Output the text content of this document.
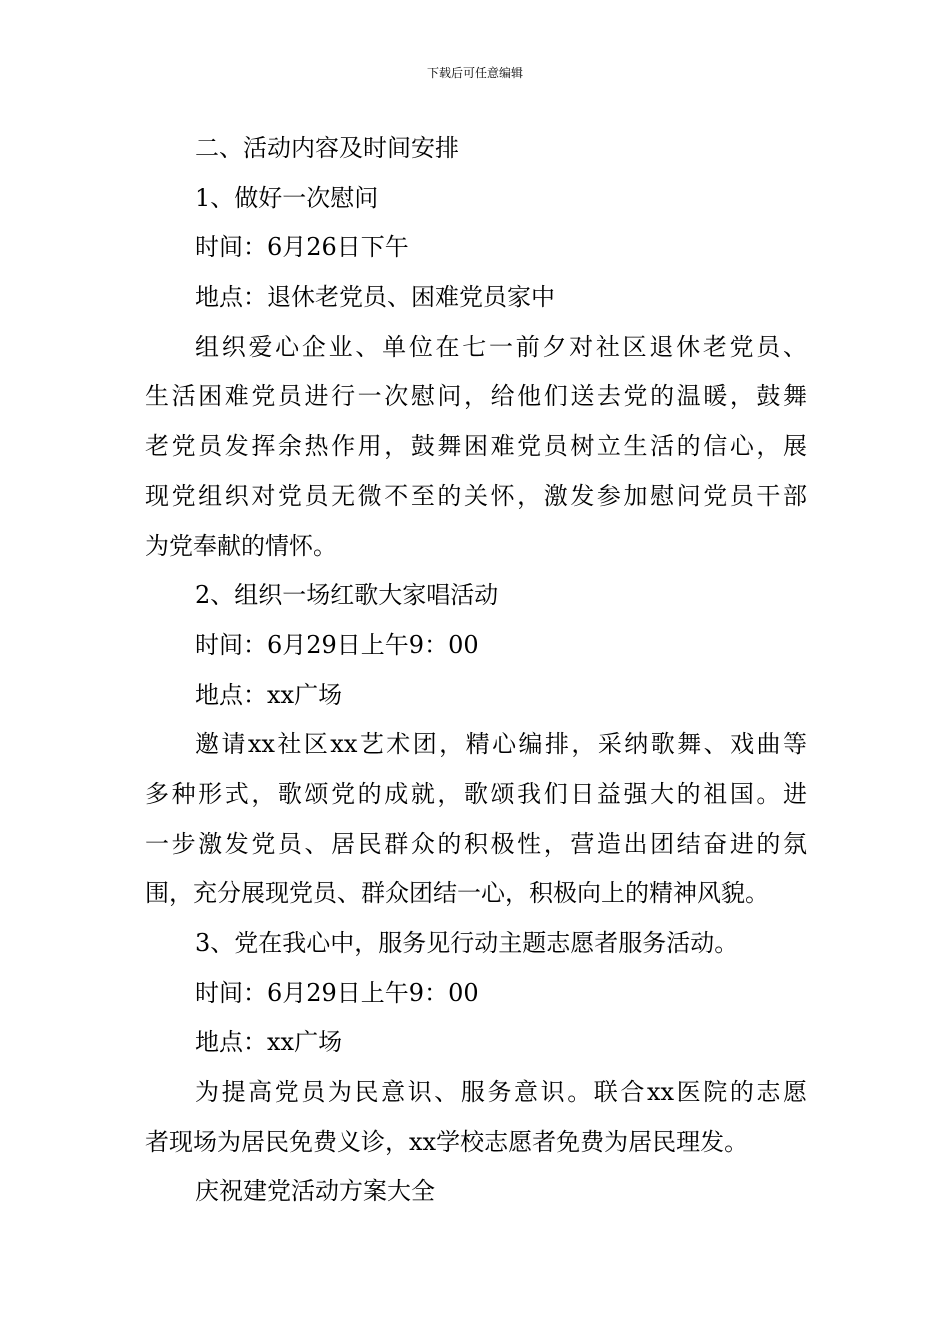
下载后可任意编辑
二、活动内容及时间安排
1、做好一次慰问
时间：6月26日下午
地点：退休老党员、困难党员家中
组织爱心企业、单位在七一前夕对社区退休老党员、
生活困难党员进行一次慰问，给他们送去党的温暖，鼓舞
老党员发挥余热作用，鼓舞困难党员树立生活的信心，展
现党组织对党员无微不至的关怀，激发参加慰问党员干部
为党奉献的情怀。
2、组织一场红歌大家唱活动
时间：6月29日上午9：00
地点：xx广场
邀请xx社区xx艺术团，精心编排，采纳歌舞、戏曲等
多种形式，歌颂党的成就，歌颂我们日益强大的祖国。进
一步激发党员、居民群众的积极性，营造出团结奋进的氛
围，充分展现党员、群众团结一心，积极向上的精神风貌。
3、党在我心中，服务见行动主题志愿者服务活动。
时间：6月29日上午9：00
地点：xx广场
为提高党员为民意识、服务意识。联合xx医院的志愿
者现场为居民免费义诊，xx学校志愿者免费为居民理发。
庆祝建党活动方案大全
